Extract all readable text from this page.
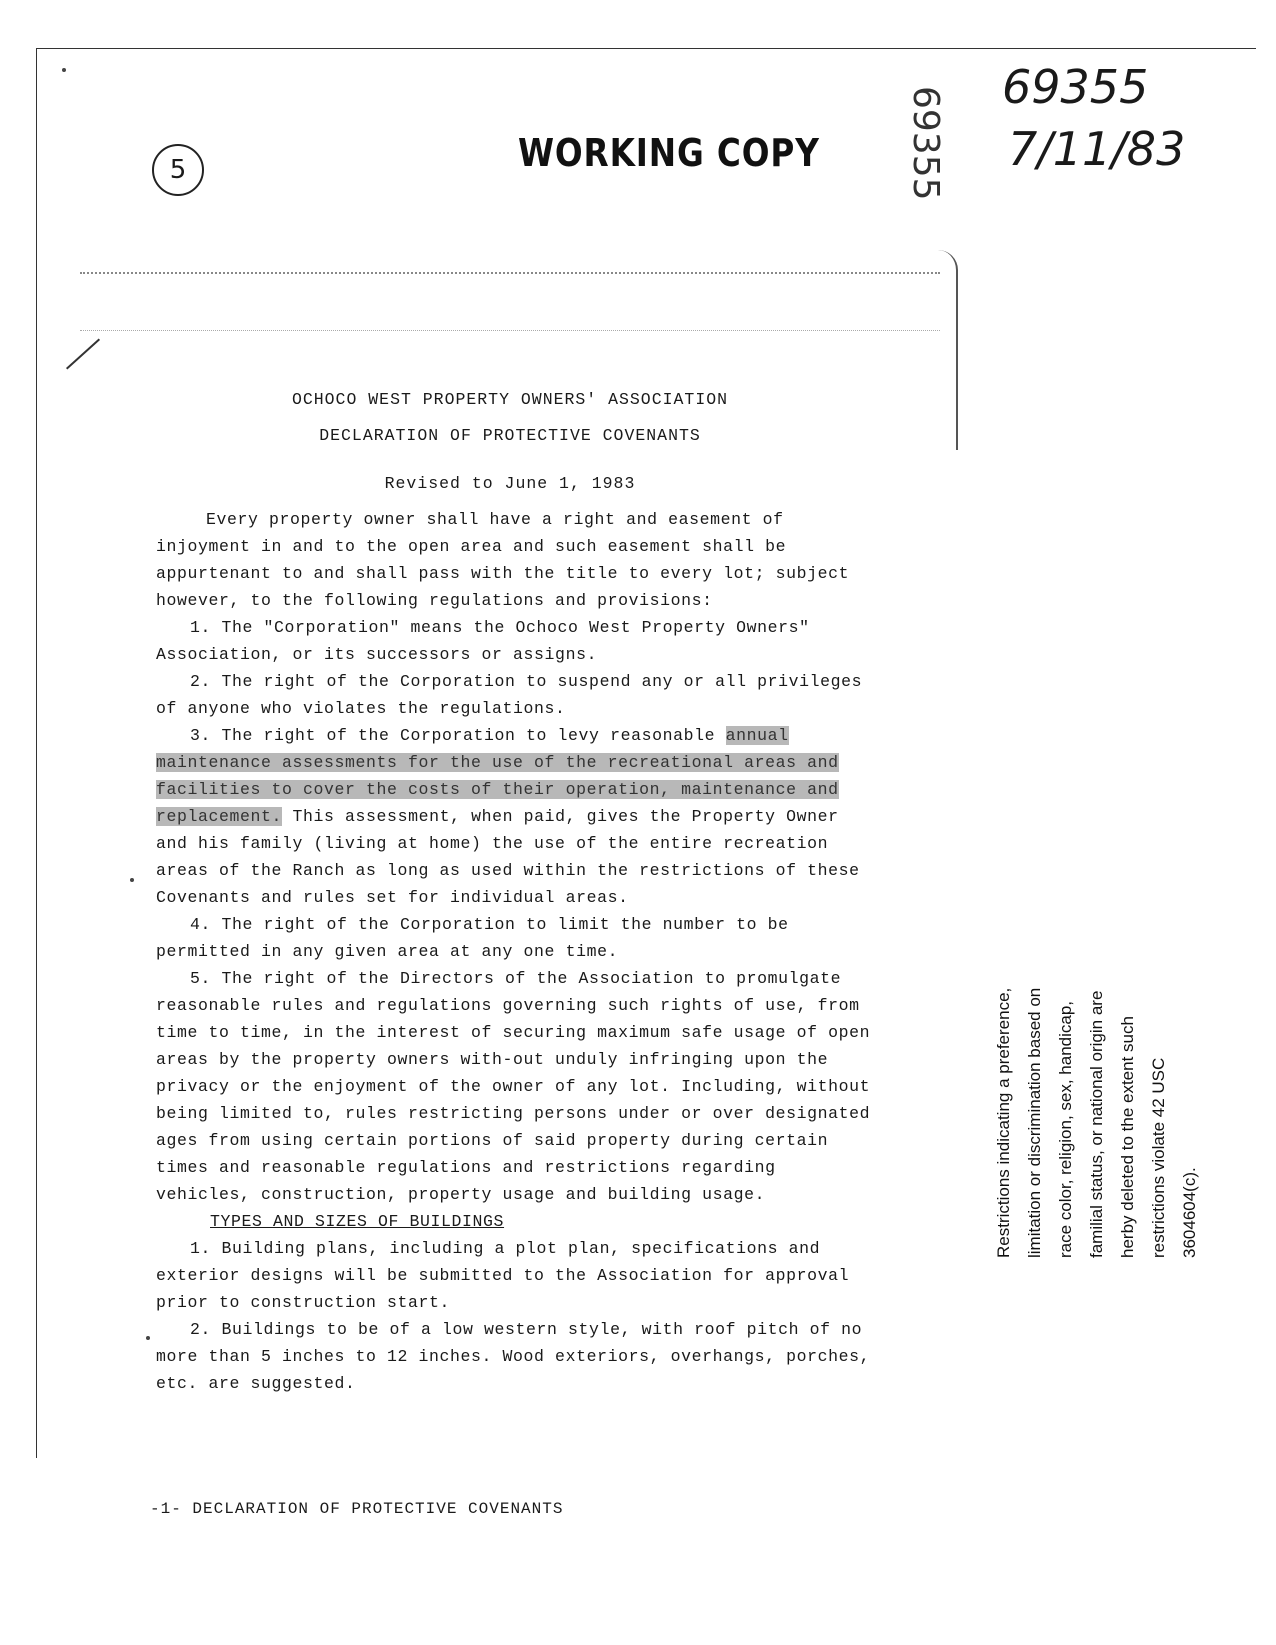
5	WORKING COPY 69355 69355
7/11/83
OCHOCO WEST PROPERTY OWNERS' ASSOCIATION
DECLARATION OF PROTECTIVE COVENANTS
Revised to June 1, 1983

Every property owner shall have a right and easement of injoyment in and to the open area and such easement shall be appurtenant to and shall pass with the title to every lot; subject however, to the following regulations and provisions:

1. The "Corporation" means the Ochoco West Property Owners" Association, or its successors or assigns.

2. The right of the Corporation to suspend any or all privileges of anyone who violates the regulations.

3. The right of the Corporation to levy reasonable annual maintenance assessments for the use of the recreational areas and facilities to cover the costs of their operation, maintenance and replacement. This assessment, when paid, gives the Property Owner and his family (living at home) the use of the entire recreation areas of the Ranch as long as used within the restrictions of these Covenants and rules set for individual areas.

4. The right of the Corporation to limit the number to be permitted in any given area at any one time.

5. The right of the Directors of the Association to promulgate reasonable rules and regulations governing such rights of use, from time to time, in the interest of securing maximum safe usage of open areas by the property owners with-out unduly infringing upon the privacy or the enjoyment of the owner of any lot. Including, without being limited to, rules restricting persons under or over designated ages from using certain portions of said property during certain times and reasonable regulations and restrictions regarding vehicles, construction, property usage and building usage.

TYPES AND SIZES OF BUILDINGS

1. Building plans, including a plot plan, specifications and exterior designs will be submitted to the Association for approval prior to construction start.

2. Buildings to be of a low western style, with roof pitch of no more than 5 inches to 12 inches. Wood exteriors, overhangs, porches, etc. are suggested.

-1- DECLARATION OF PROTECTIVE COVENANTS
Restrictions indicating a preference, limitation or discrimination based on race color, religion, sex, handicap, familial status, or national origin are herby deleted to the extent such restrictions violate 42 USC 3604604(c).
